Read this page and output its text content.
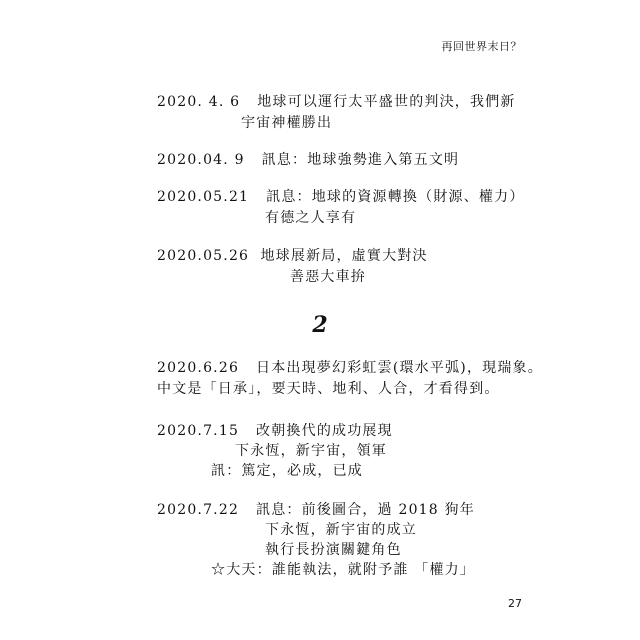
再回世界末日？
2020. 4. 6 地球可以運行太平盛世的判決，我們新
宇宙神權勝出
2020.04. 9 訊息：地球強勢進入第五文明
2020.05.21 訊息：地球的資源轉換（財源、權力）
有德之人享有
2020.05.26 地球展新局，虛實大對決
善惡大車拚
2
2020.6.26 日本出現夢幻彩虹雲(環水平弧)，現瑞象。
中文是「日承」，要天時、地利、人合，才看得到。
2020.7.15 改朝換代的成功展現
下永恆，新宇宙，領軍
訊：篤定，必成，已成
2020.7.22 訊息：前後圖合，過 2018 狗年
下永恆，新宇宙的成立
執行長扮演關鍵角色
☆大天：誰能執法，就附予誰 「權力」
27
